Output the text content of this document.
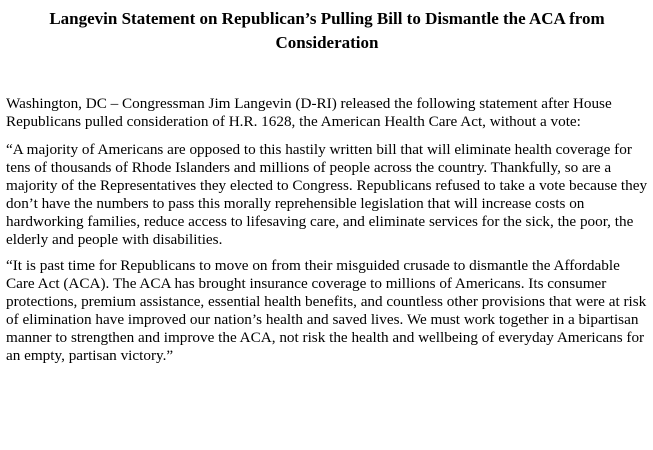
Langevin Statement on Republican’s Pulling Bill to Dismantle the ACA from Consideration

Washington, DC – Congressman Jim Langevin (D-RI) released the following statement after House Republicans pulled consideration of H.R. 1628, the American Health Care Act, without a vote:

“A majority of Americans are opposed to this hastily written bill that will eliminate health coverage for tens of thousands of Rhode Islanders and millions of people across the country. Thankfully, so are a majority of the Representatives they elected to Congress. Republicans refused to take a vote because they don’t have the numbers to pass this morally reprehensible legislation that will increase costs on hardworking families, reduce access to lifesaving care, and eliminate services for the sick, the poor, the elderly and people with disabilities.

“It is past time for Republicans to move on from their misguided crusade to dismantle the Affordable Care Act (ACA). The ACA has brought insurance coverage to millions of Americans. Its consumer protections, premium assistance, essential health benefits, and countless other provisions that were at risk of elimination have improved our nation’s health and saved lives. We must work together in a bipartisan manner to strengthen and improve the ACA, not risk the health and wellbeing of everyday Americans for an empty, partisan victory.”
